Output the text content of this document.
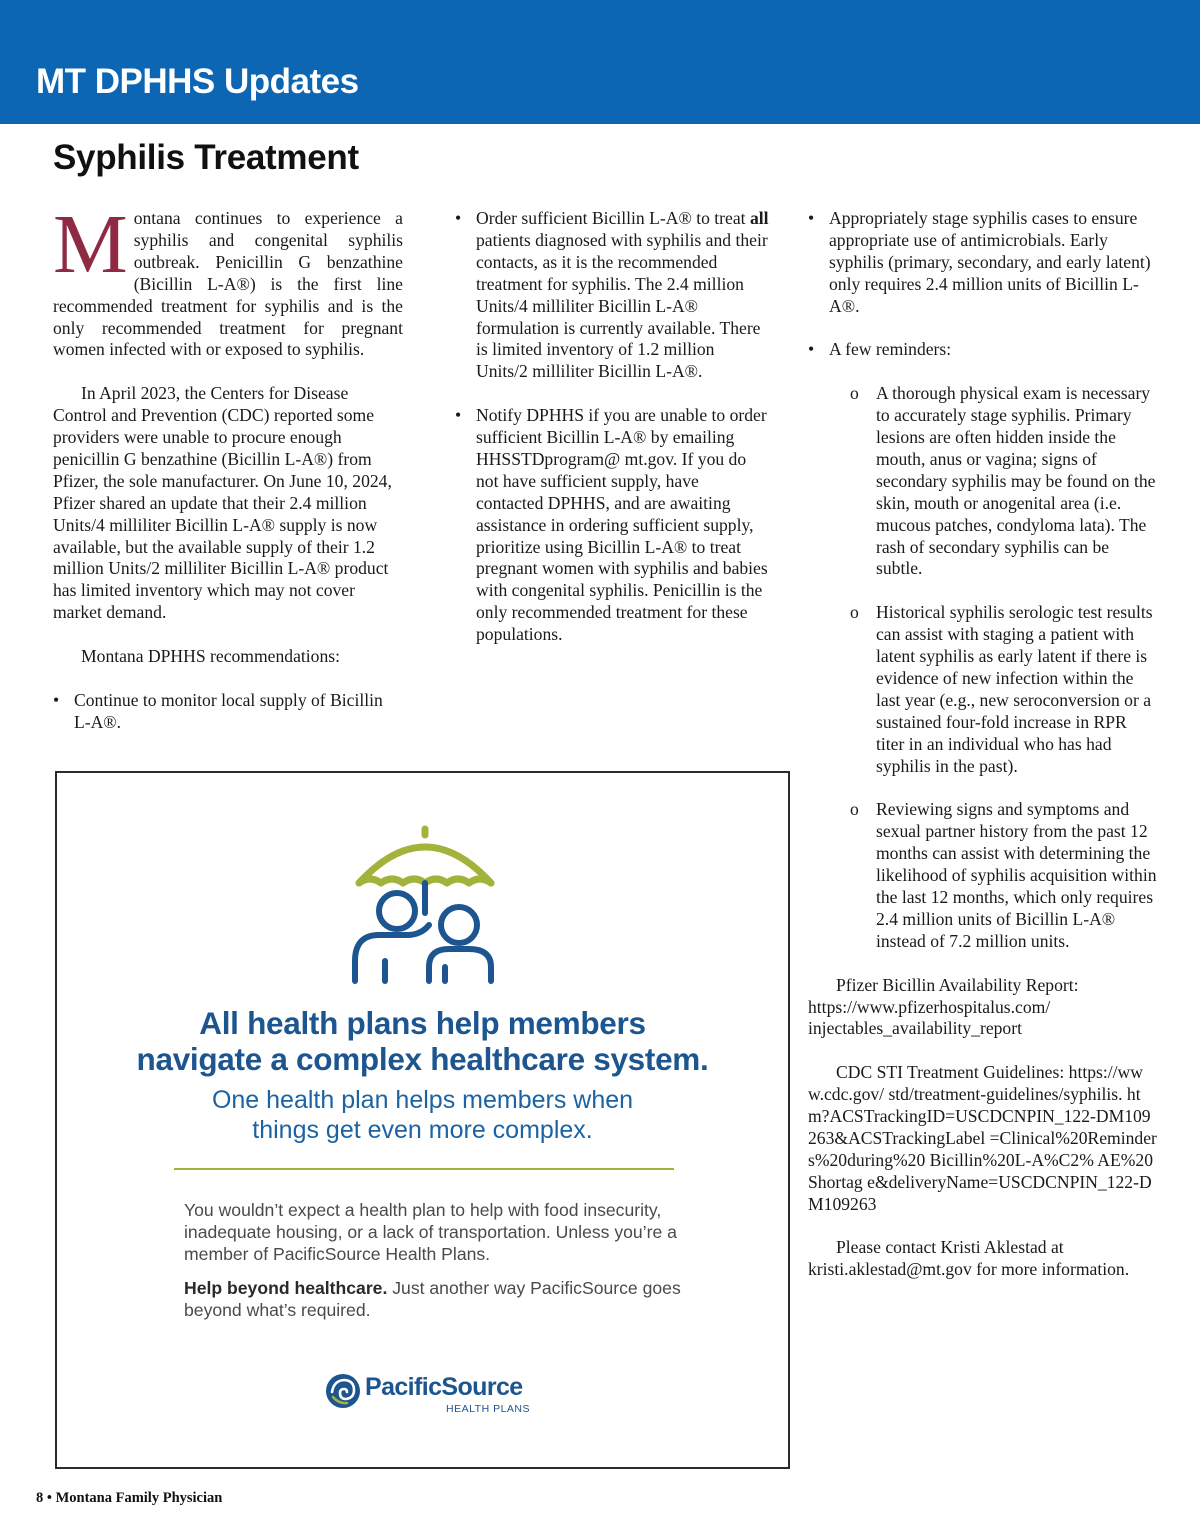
MT DPHHS Updates
Syphilis Treatment

Montana continues to experience a syphilis and congenital syphilis outbreak. Penicillin G benzathine (Bicillin L-A®) is the first line recommended treatment for syphilis and is the only recommended treatment for pregnant women infected with or exposed to syphilis.

In April 2023, the Centers for Disease Control and Prevention (CDC) reported some providers were unable to procure enough penicillin G benzathine (Bicillin L-A®) from Pfizer, the sole manufacturer. On June 10, 2024, Pfizer shared an update that their 2.4 million Units/4 milliliter Bicillin L-A® supply is now available, but the available supply of their 1.2 million Units/2 milliliter Bicillin L-A® product has limited inventory which may not cover market demand.

Montana DPHHS recommendations:

• Continue to monitor local supply of Bicillin L-A®.
• Order sufficient Bicillin L-A® to treat all patients diagnosed with syphilis and their contacts, as it is the recommended treatment for syphilis. The 2.4 million Units/4 milliliter Bicillin L-A® formulation is currently available. There is limited inventory of 1.2 million Units/2 milliliter Bicillin L-A®.
• Notify DPHHS if you are unable to order sufficient Bicillin L-A® by emailing HHSSTDprogram@ mt.gov. If you do not have sufficient supply, have contacted DPHHS, and are awaiting assistance in ordering sufficient supply, prioritize using Bicillin L-A® to treat pregnant women with syphilis and babies with congenital syphilis. Penicillin is the only recommended treatment for these populations.
• Appropriately stage syphilis cases to ensure appropriate use of antimicrobials. Early syphilis (primary, secondary, and early latent) only requires 2.4 million units of Bicillin L-A®.
• A few reminders:
o A thorough physical exam is necessary to accurately stage syphilis. Primary lesions are often hidden inside the mouth, anus or vagina; signs of secondary syphilis may be found on the skin, mouth or anogenital area (i.e. mucous patches, condyloma lata). The rash of secondary syphilis can be subtle.
o Historical syphilis serologic test results can assist with staging a patient with latent syphilis as early latent if there is evidence of new infection within the last year (e.g., new seroconversion or a sustained four-fold increase in RPR titer in an individual who has had syphilis in the past).
o Reviewing signs and symptoms and sexual partner history from the past 12 months can assist with determining the likelihood of syphilis acquisition within the last 12 months, which only requires 2.4 million units of Bicillin L-A® instead of 7.2 million units.

Pfizer Bicillin Availability Report: https://www.pfizerhospitalus.com/ injectables_availability_report

CDC STI Treatment Guidelines: https://www.cdc.gov/ std/treatment-guidelines/syphilis. htm?ACSTrackingID=USCDCNPIN_122-DM109263&ACSTrackingLabel =Clinical%20Reminders%20during%20 Bicillin%20L-A%C2% AE%20Shortag e&deliveryName=USCDCNPIN_122-DM109263

Please contact Kristi Aklestad at kristi.aklestad@mt.gov for more information.

All health plans help members
navigate a complex healthcare system.
One health plan helps members when
things get even more complex.

You wouldn’t expect a health plan to help with food insecurity, inadequate housing, or a lack of transportation. Unless you’re a member of PacificSource Health Plans.

Help beyond healthcare. Just another way PacificSource goes beyond what’s required.

PacificSource
HEALTH PLANS
8 • Montana Family Physician
